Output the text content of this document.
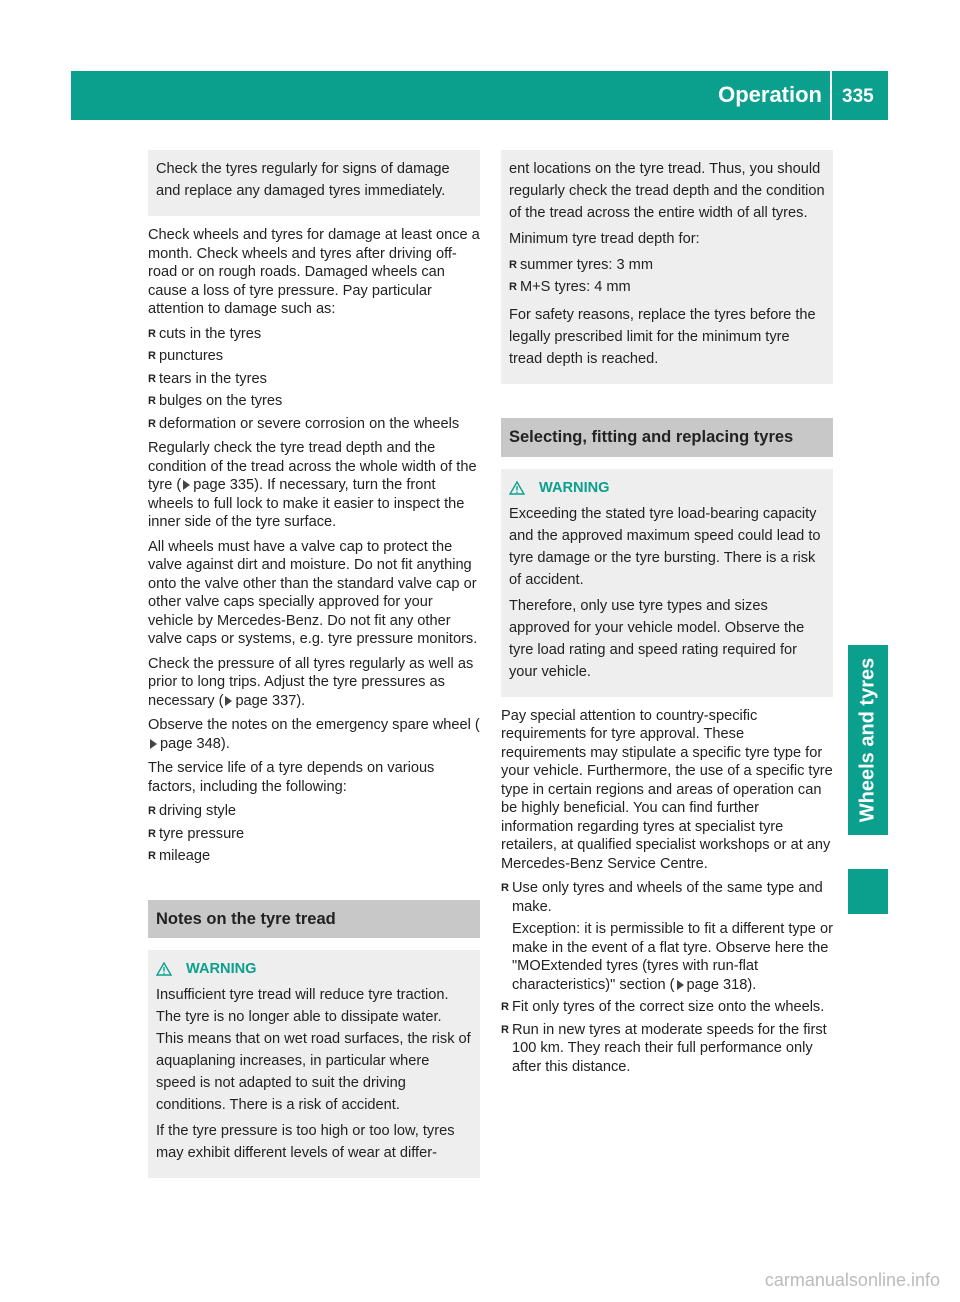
Operation 335
Wheels and tyres

Check the tyres regularly for signs of damage and replace any damaged tyres immediately.

Check wheels and tyres for damage at least once a month. Check wheels and tyres after driving off-road or on rough roads. Damaged wheels can cause a loss of tyre pressure. Pay particular attention to damage such as:

R cuts in the tyres
R punctures
R tears in the tyres
R bulges on the tyres
R deformation or severe corrosion on the wheels

Regularly check the tyre tread depth and the condition of the tread across the whole width of the tyre ( page 335). If necessary, turn the front wheels to full lock to make it easier to inspect the inner side of the tyre surface.

All wheels must have a valve cap to protect the valve against dirt and moisture. Do not fit anything onto the valve other than the standard valve cap or other valve caps specially approved for your vehicle by Mercedes-Benz. Do not fit any other valve caps or systems, e.g. tyre pressure monitors.

Check the pressure of all tyres regularly as well as prior to long trips. Adjust the tyre pressures as necessary ( page 337).

Observe the notes on the emergency spare wheel (page 348).

The service life of a tyre depends on various factors, including the following:

R driving style
R tyre pressure
R mileage
Notes on the tyre tread
WARNING

Insufficient tyre tread will reduce tyre traction. The tyre is no longer able to dissipate water. This means that on wet road surfaces, the risk of aquaplaning increases, in particular where speed is not adapted to suit the driving conditions. There is a risk of accident.

If the tyre pressure is too high or too low, tyres may exhibit different levels of wear at differ-

ent locations on the tyre tread. Thus, you should regularly check the tread depth and the condition of the tread across the entire width of all tyres.

Minimum tyre tread depth for:

R summer tyres: 3 mm
R M+S tyres: 4 mm

For safety reasons, replace the tyres before the legally prescribed limit for the minimum tyre tread depth is reached.

Selecting, fitting and replacing tyres
WARNING

Exceeding the stated tyre load-bearing capacity and the approved maximum speed could lead to tyre damage or the tyre bursting. There is a risk of accident.

Therefore, only use tyre types and sizes approved for your vehicle model. Observe the tyre load rating and speed rating required for your vehicle.

Pay special attention to country-specific requirements for tyre approval. These requirements may stipulate a specific tyre type for your vehicle. Furthermore, the use of a specific tyre type in certain regions and areas of operation can be highly beneficial. You can find further information regarding tyres at specialist tyre retailers, at qualified specialist workshops or at any Mercedes-Benz Service Centre.

R Use only tyres and wheels of the same type and make.
Exception: it is permissible to fit a different type or make in the event of a flat tyre. Observe here the "MOExtended tyres (tyres with run-flat characteristics)" section ( page 318).
R Fit only tyres of the correct size onto the wheels.
R Run in new tyres at moderate speeds for the first 100 km. They reach their full performance only after this distance.
carmanualsonline.info
